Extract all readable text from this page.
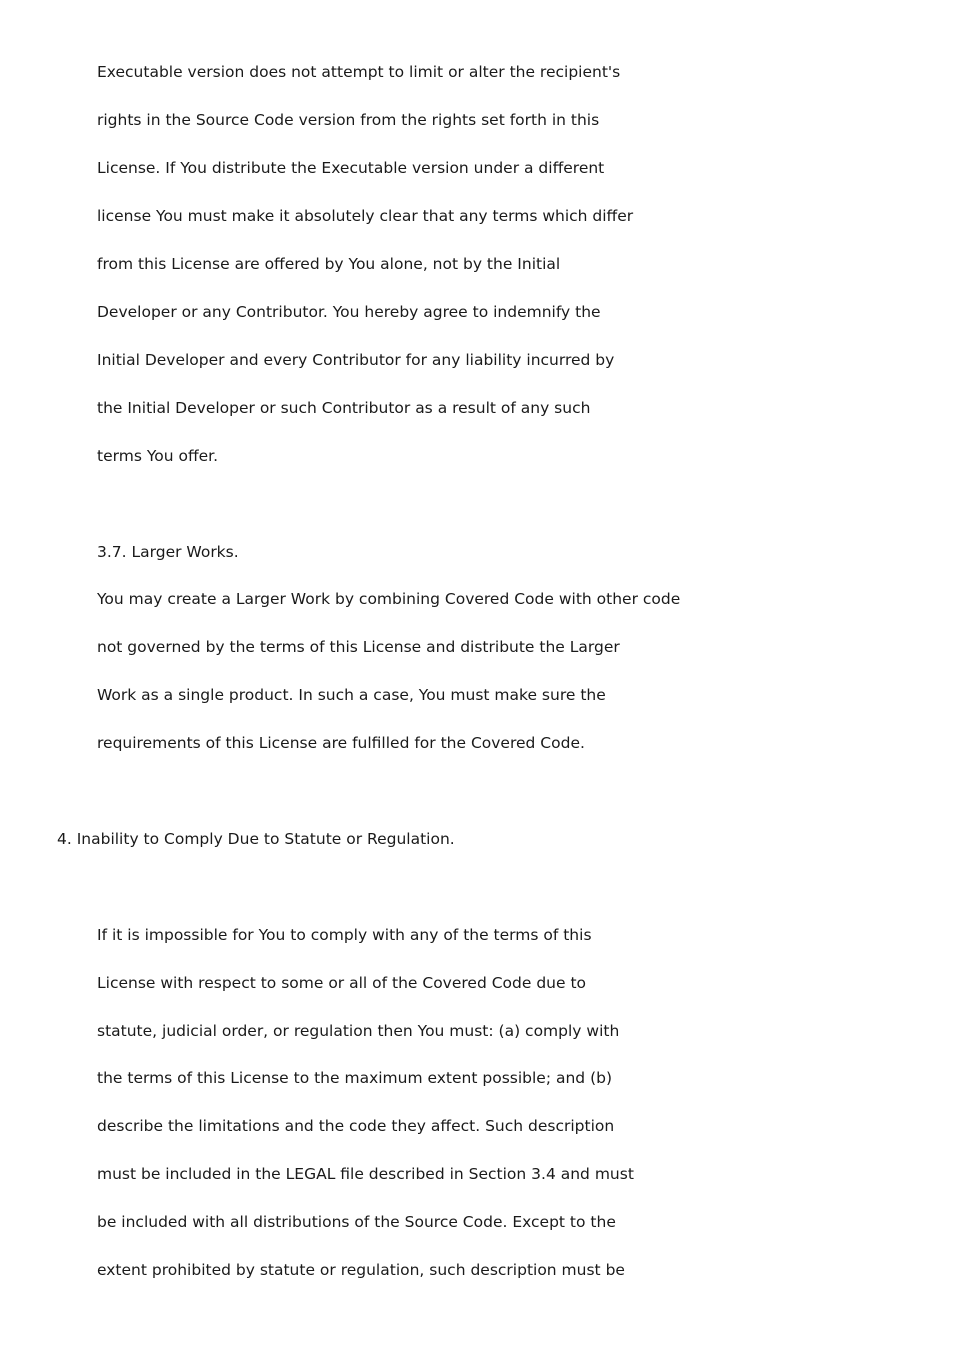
Executable version does not attempt to limit or alter the recipient's
rights in the Source Code version from the rights set forth in this
License. If You distribute the Executable version under a different
license You must make it absolutely clear that any terms which differ
from this License are offered by You alone, not by the Initial
Developer or any Contributor. You hereby agree to indemnify the
Initial Developer and every Contributor for any liability incurred by
the Initial Developer or such Contributor as a result of any such
terms You offer.
3.7. Larger Works.
You may create a Larger Work by combining Covered Code with other code
not governed by the terms of this License and distribute the Larger
Work as a single product. In such a case, You must make sure the
requirements of this License are fulfilled for the Covered Code.
4. Inability to Comply Due to Statute or Regulation.
If it is impossible for You to comply with any of the terms of this
License with respect to some or all of the Covered Code due to
statute, judicial order, or regulation then You must: (a) comply with
the terms of this License to the maximum extent possible; and (b)
describe the limitations and the code they affect. Such description
must be included in the LEGAL file described in Section 3.4 and must
be included with all distributions of the Source Code. Except to the
extent prohibited by statute or regulation, such description must be
